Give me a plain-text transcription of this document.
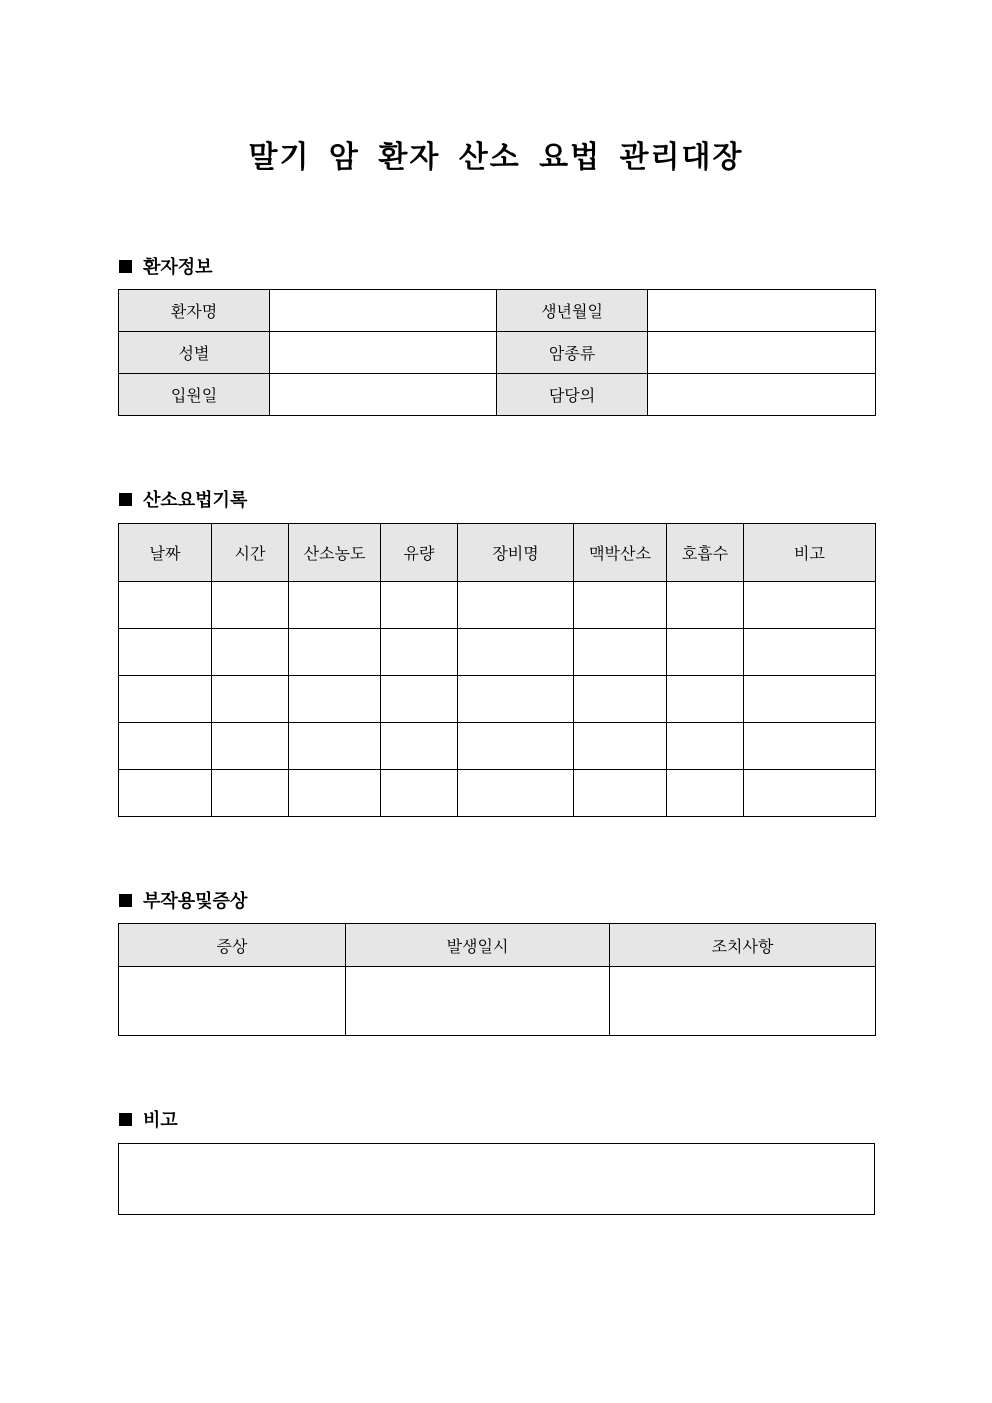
말기 암 환자 산소 요법 관리대장
환자정보
환자명		생년월일	
성별		암종류	
입원일		담당의	
산소요법기록
날짜	시간	산소농도	유량	장비명	맥박산소	호흡수	비고

부작용및증상
증상	발생일시	조치사항

비고
